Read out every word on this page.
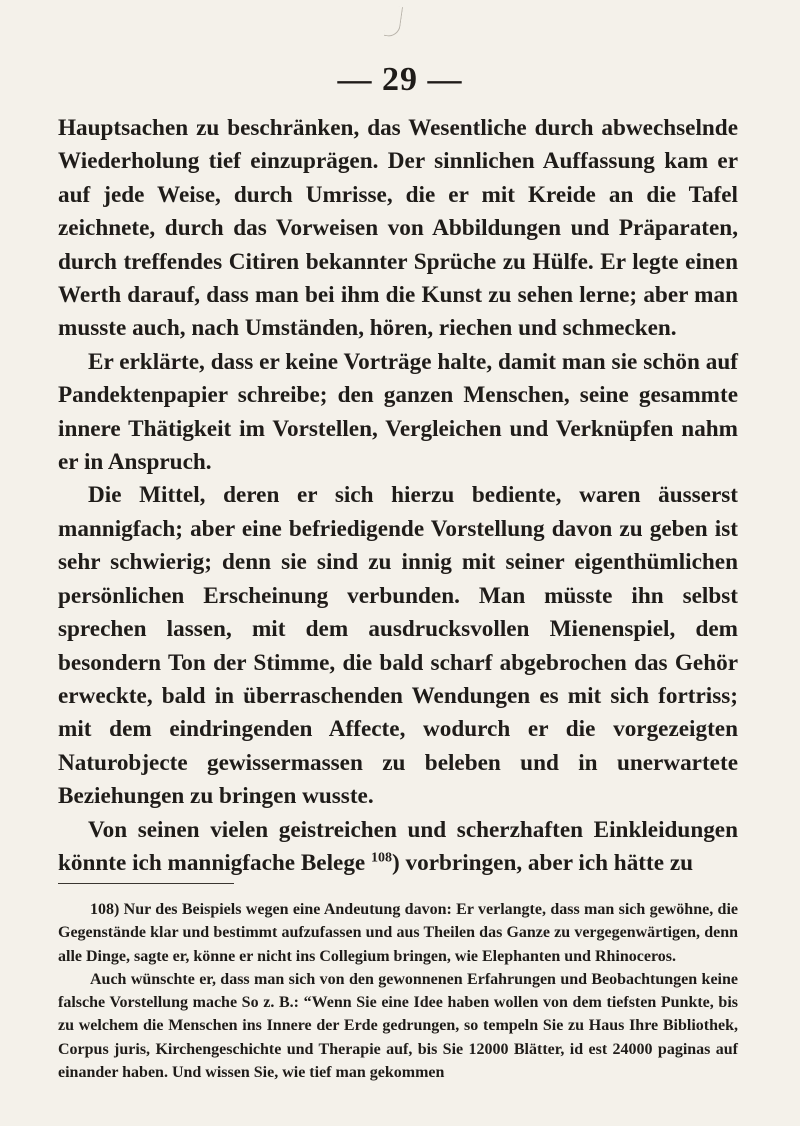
— 29 —

Hauptsachen zu beschränken, das Wesentliche durch abwechselnde Wiederholung tief einzuprägen. Der sinnlichen Auffassung kam er auf jede Weise, durch Umrisse, die er mit Kreide an die Tafel zeichnete, durch das Vorweisen von Abbildungen und Präparaten, durch treffendes Citiren bekannter Sprüche zu Hülfe. Er legte einen Werth darauf, dass man bei ihm die Kunst zu sehen lerne; aber man musste auch, nach Umständen, hören, riechen und schmecken.

Er erklärte, dass er keine Vorträge halte, damit man sie schön auf Pandektenpapier schreibe; den ganzen Menschen, seine gesammte innere Thätigkeit im Vorstellen, Vergleichen und Verknüpfen nahm er in Anspruch.

Die Mittel, deren er sich hierzu bediente, waren äusserst mannigfach; aber eine befriedigende Vorstellung davon zu geben ist sehr schwierig; denn sie sind zu innig mit seiner eigenthümlichen persönlichen Erscheinung verbunden. Man müsste ihn selbst sprechen lassen, mit dem ausdrucksvollen Mienenspiel, dem besondern Ton der Stimme, die bald scharf abgebrochen das Gehör erweckte, bald in überraschenden Wendungen es mit sich fortriss; mit dem eindringenden Affecte, wodurch er die vorgezeigten Naturobjecte gewissermassen zu beleben und in unerwartete Beziehungen zu bringen wusste.

Von seinen vielen geistreichen und scherzhaften Einkleidungen könnte ich mannigfache Belege $^{108}$) vorbringen, aber ich hätte zu

108) Nur des Beispiels wegen eine Andeutung davon: Er verlangte, dass man sich gewöhne, die Gegenstände klar und bestimmt aufzufassen und aus Theilen das Ganze zu vergegenwärtigen, denn alle Dinge, sagte er, könne er nicht ins Collegium bringen, wie Elephanten und Rhinoceros.

Auch wünschte er, dass man sich von den gewonnenen Erfahrungen und Beobachtungen keine falsche Vorstellung mache So z. B.: “Wenn Sie eine Idee haben wollen von dem tiefsten Punkte, bis zu welchem die Menschen ins Innere der Erde gedrungen, so tempeln Sie zu Haus Ihre Bibliothek, Corpus juris, Kirchengeschichte und Therapie auf, bis Sie 12000 Blätter, id est 24000 paginas auf einander haben. Und wissen Sie, wie tief man gekommen
